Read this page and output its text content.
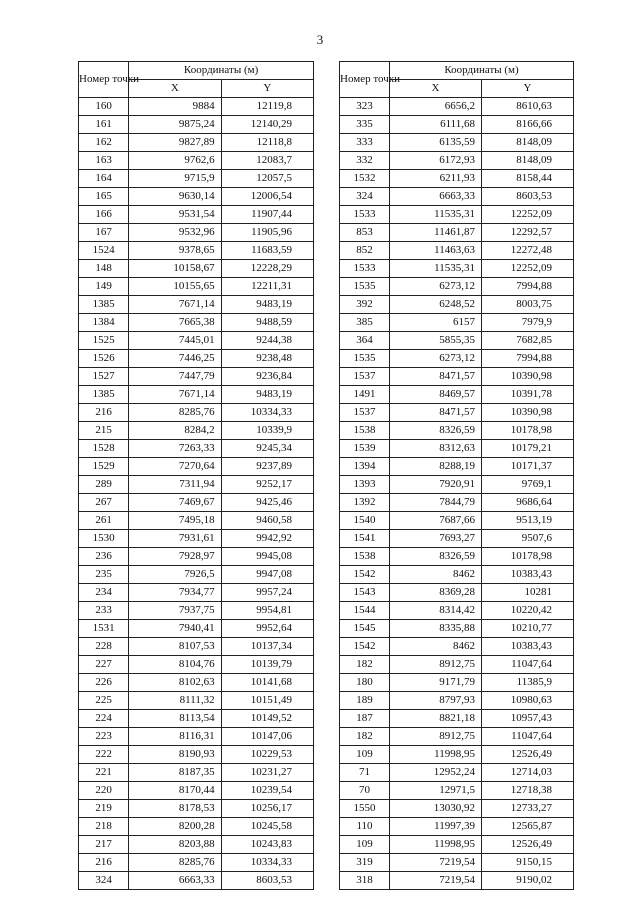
3
Номер точки	Координаты (м)	
	X	Y
160	9884	12119,8
161	9875,24	12140,29
162	9827,89	12118,8
163	9762,6	12083,7
164	9715,9	12057,5
165	9630,14	12006,54
166	9531,54	11907,44
167	9532,96	11905,96
1524	9378,65	11683,59
148	10158,67	12228,29
149	10155,65	12211,31
1385	7671,14	9483,19
1384	7665,38	9488,59
1525	7445,01	9244,38
1526	7446,25	9238,48
1527	7447,79	9236,84
1385	7671,14	9483,19
216	8285,76	10334,33
215	8284,2	10339,9
1528	7263,33	9245,34
1529	7270,64	9237,89
289	7311,94	9252,17
267	7469,67	9425,46
261	7495,18	9460,58
1530	7931,61	9942,92
236	7928,97	9945,08
235	7926,5	9947,08
234	7934,77	9957,24
233	7937,75	9954,81
1531	7940,41	9952,64
228	8107,53	10137,34
227	8104,76	10139,79
226	8102,63	10141,68
225	8111,32	10151,49
224	8113,54	10149,52
223	8116,31	10147,06
222	8190,93	10229,53
221	8187,35	10231,27
220	8170,44	10239,54
219	8178,53	10256,17
218	8200,28	10245,58
217	8203,88	10243,83
216	8285,76	10334,33
324	6663,33	8603,53
Номер точки	Координаты (м)	
	X	Y
323	6656,2	8610,63
335	6111,68	8166,66
333	6135,59	8148,09
332	6172,93	8148,09
1532	6211,93	8158,44
324	6663,33	8603,53
1533	11535,31	12252,09
853	11461,87	12292,57
852	11463,63	12272,48
1533	11535,31	12252,09
1535	6273,12	7994,88
392	6248,52	8003,75
385	6157	7979,9
364	5855,35	7682,85
1535	6273,12	7994,88
1537	8471,57	10390,98
1491	8469,57	10391,78
1537	8471,57	10390,98
1538	8326,59	10178,98
1539	8312,63	10179,21
1394	8288,19	10171,37
1393	7920,91	9769,1
1392	7844,79	9686,64
1540	7687,66	9513,19
1541	7693,27	9507,6
1538	8326,59	10178,98
1542	8462	10383,43
1543	8369,28	10281
1544	8314,42	10220,42
1545	8335,88	10210,77
1542	8462	10383,43
182	8912,75	11047,64
180	9171,79	11385,9
189	8797,93	10980,63
187	8821,18	10957,43
182	8912,75	11047,64
109	11998,95	12526,49
71	12952,24	12714,03
70	12971,5	12718,38
1550	13030,92	12733,27
110	11997,39	12565,87
109	11998,95	12526,49
319	7219,54	9150,15
318	7219,54	9190,02
